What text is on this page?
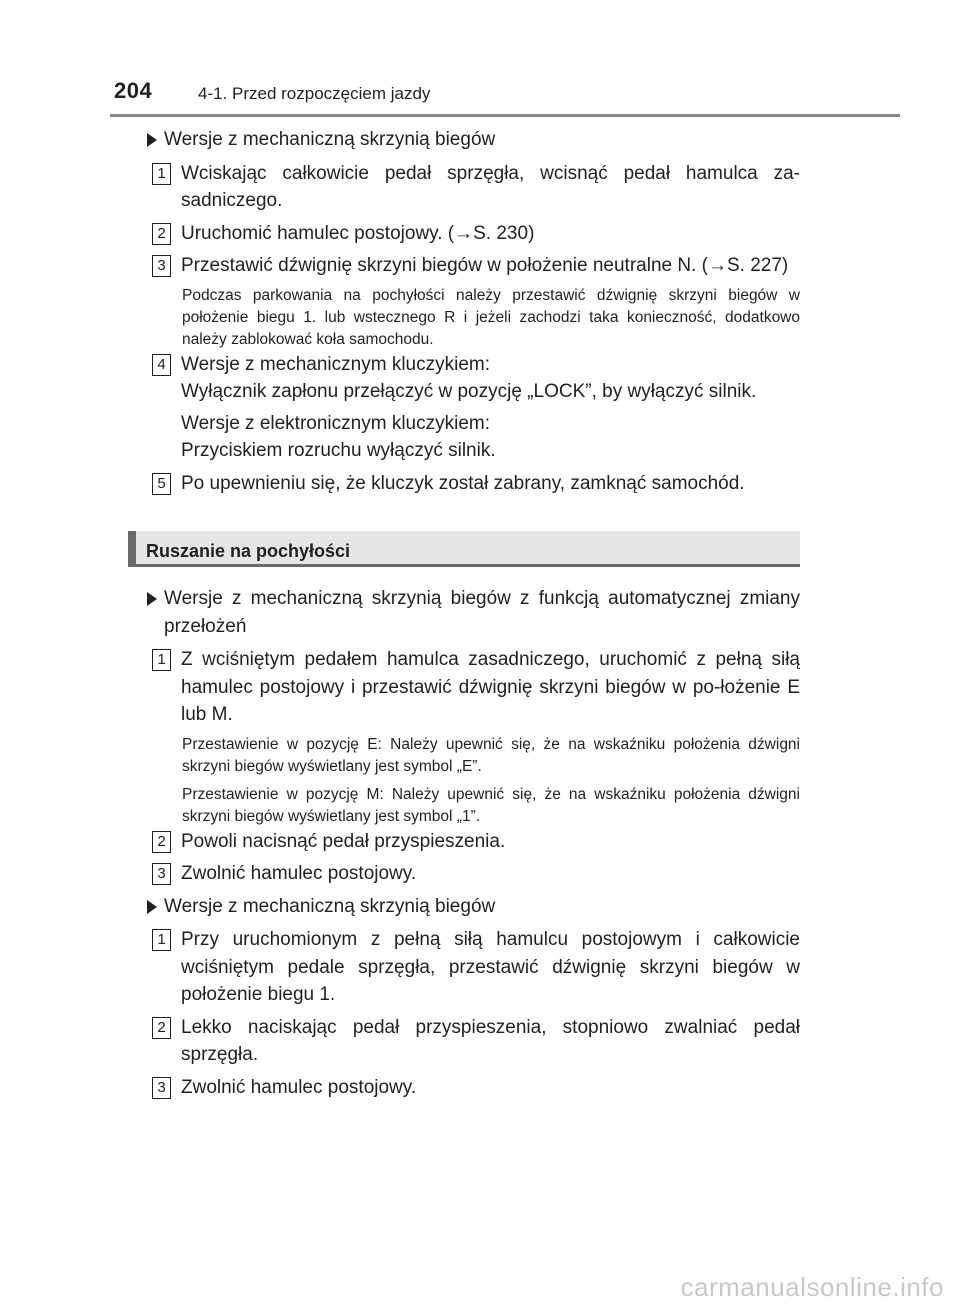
204	4-1. Przed rozpoczęciem jazdy

Wersje z mechaniczną skrzynią biegów

1 Wciskając całkowicie pedał sprzęgła, wcisnąć pedał hamulca za-sadniczego.

2 Uruchomić hamulec postojowy. (→S. 230)

3 Przestawić dźwignię skrzyni biegów w położenie neutralne N. (→S. 227)

Podczas parkowania na pochyłości należy przestawić dźwignię skrzyni biegów w położenie biegu 1. lub wstecznego R i jeżeli zachodzi taka konieczność, dodatkowo należy zablokować koła samochodu.

4 Wersje z mechanicznym kluczykiem:

Wyłącznik zapłonu przełączyć w pozycję „LOCK”, by wyłączyć silnik.

Wersje z elektronicznym kluczykiem:

Przyciskiem rozruchu wyłączyć silnik.

5 Po upewnieniu się, że kluczyk został zabrany, zamknąć samochód.

Ruszanie na pochyłości

Wersje z mechaniczną skrzynią biegów z funkcją automatycznej zmiany przełożeń

1 Z wciśniętym pedałem hamulca zasadniczego, uruchomić z pełną siłą hamulec postojowy i przestawić dźwignię skrzyni biegów w po-łożenie E lub M.

Przestawienie w pozycję E: Należy upewnić się, że na wskaźniku położenia dźwigni skrzyni biegów wyświetlany jest symbol „E”.

Przestawienie w pozycję M: Należy upewnić się, że na wskaźniku położenia dźwigni skrzyni biegów wyświetlany jest symbol „1”.

2 Powoli nacisnąć pedał przyspieszenia.

3 Zwolnić hamulec postojowy.

Wersje z mechaniczną skrzynią biegów

1 Przy uruchomionym z pełną siłą hamulcu postojowym i całkowicie wciśniętym pedale sprzęgła, przestawić dźwignię skrzyni biegów w położenie biegu 1.

2 Lekko naciskając pedał przyspieszenia, stopniowo zwalniać pedał sprzęgła.

3 Zwolnić hamulec postojowy.

carmanualsonline.info
